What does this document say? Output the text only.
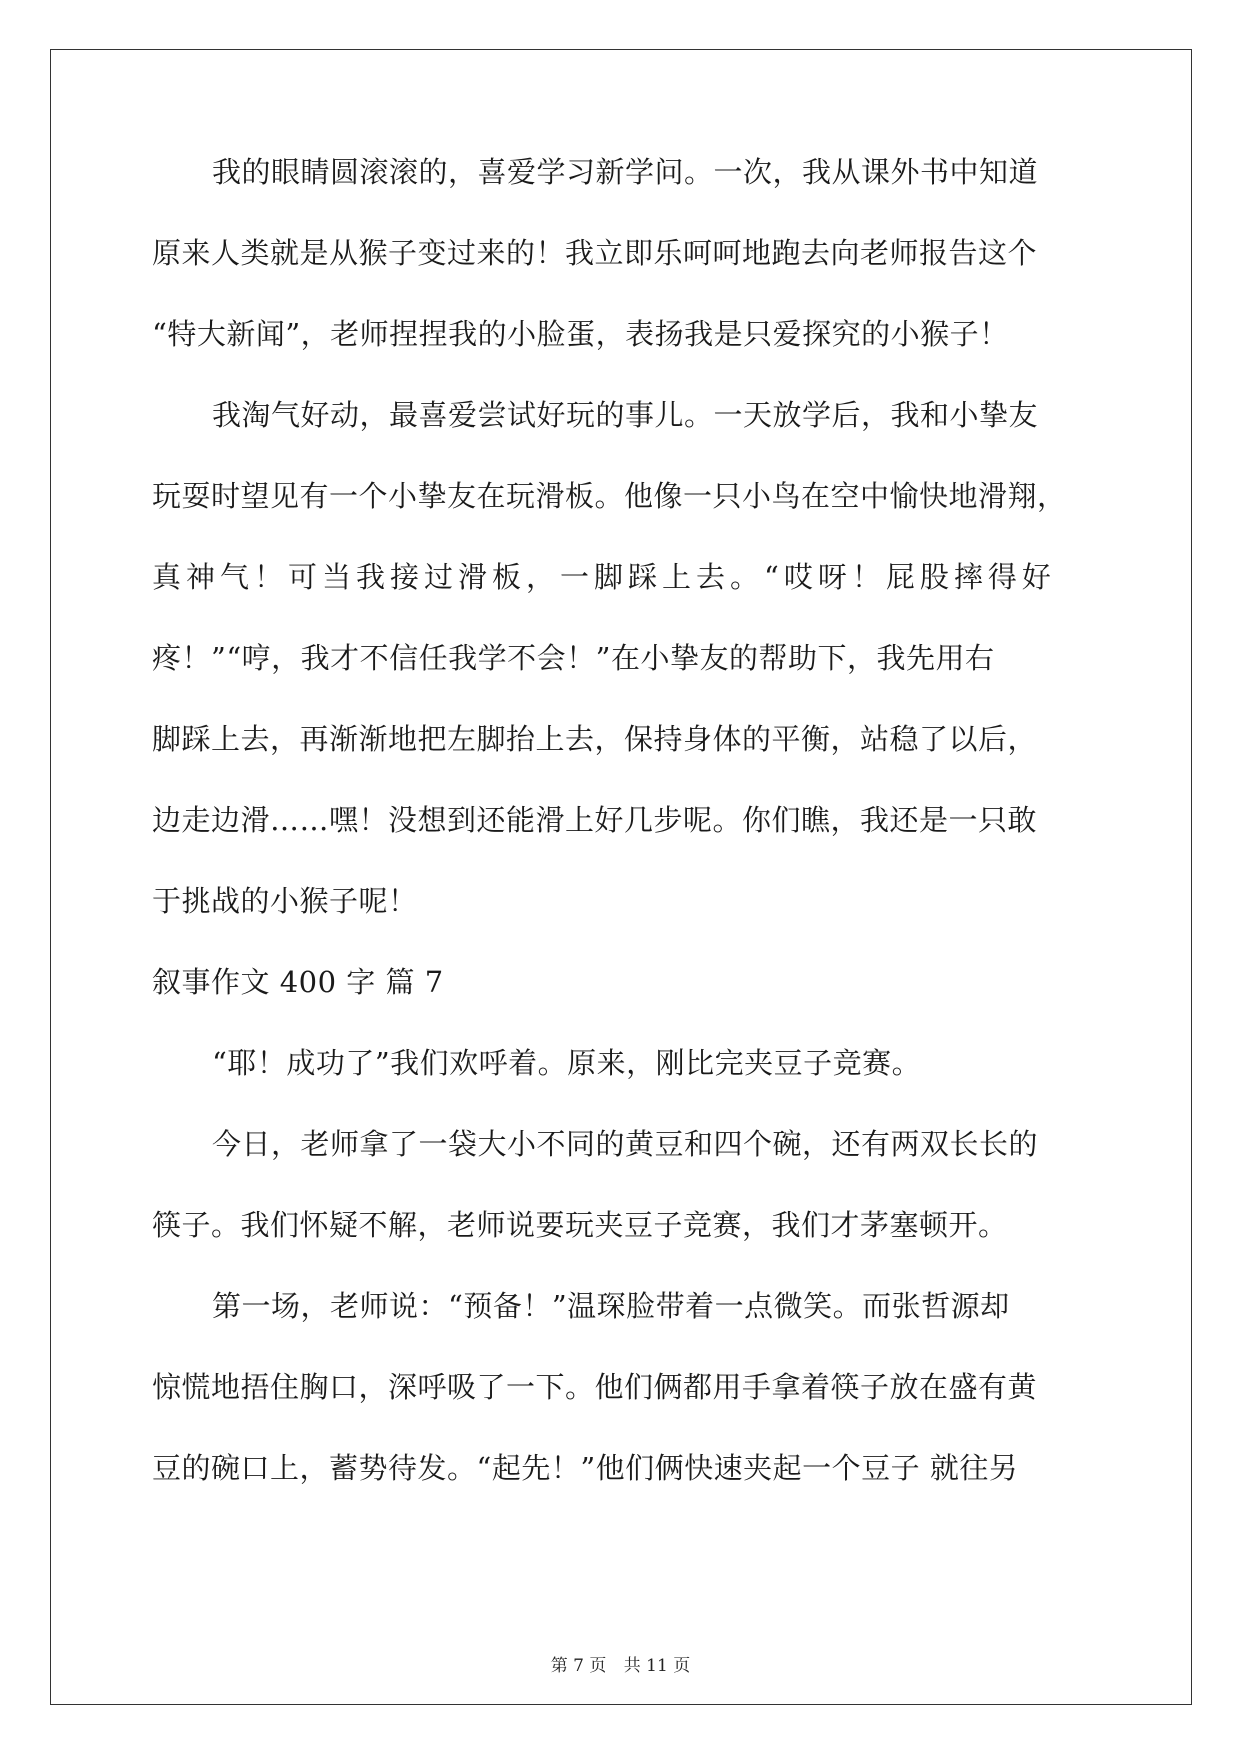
我的眼睛圆滚滚的，喜爱学习新学问。一次，我从课外书中知道
原来人类就是从猴子变过来的！我立即乐呵呵地跑去向老师报告这个
“特大新闻”，老师捏捏我的小脸蛋，表扬我是只爱探究的小猴子！
我淘气好动，最喜爱尝试好玩的事儿。一天放学后，我和小挚友
玩耍时望见有一个小挚友在玩滑板。他像一只小鸟在空中愉快地滑翔，
真神气！可当我接过滑板，一脚踩上去。“哎呀！屁股摔得好
疼！”“哼，我才不信任我学不会！”在小挚友的帮助下，我先用右
脚踩上去，再渐渐地把左脚抬上去，保持身体的平衡，站稳了以后，
边走边滑……嘿！没想到还能滑上好几步呢。你们瞧，我还是一只敢
于挑战的小猴子呢！
叙事作文 400 字 篇 7
“耶！成功了”我们欢呼着。原来，刚比完夹豆子竞赛。
今日，老师拿了一袋大小不同的黄豆和四个碗，还有两双长长的
筷子。我们怀疑不解，老师说要玩夹豆子竞赛，我们才茅塞顿开。
第一场，老师说：“预备！”温琛脸带着一点微笑。而张哲源却
惊慌地捂住胸口，深呼吸了一下。他们俩都用手拿着筷子放在盛有黄
豆的碗口上，蓄势待发。“起先！”他们俩快速夹起一个豆子 就往另
第 7 页 共 11 页
